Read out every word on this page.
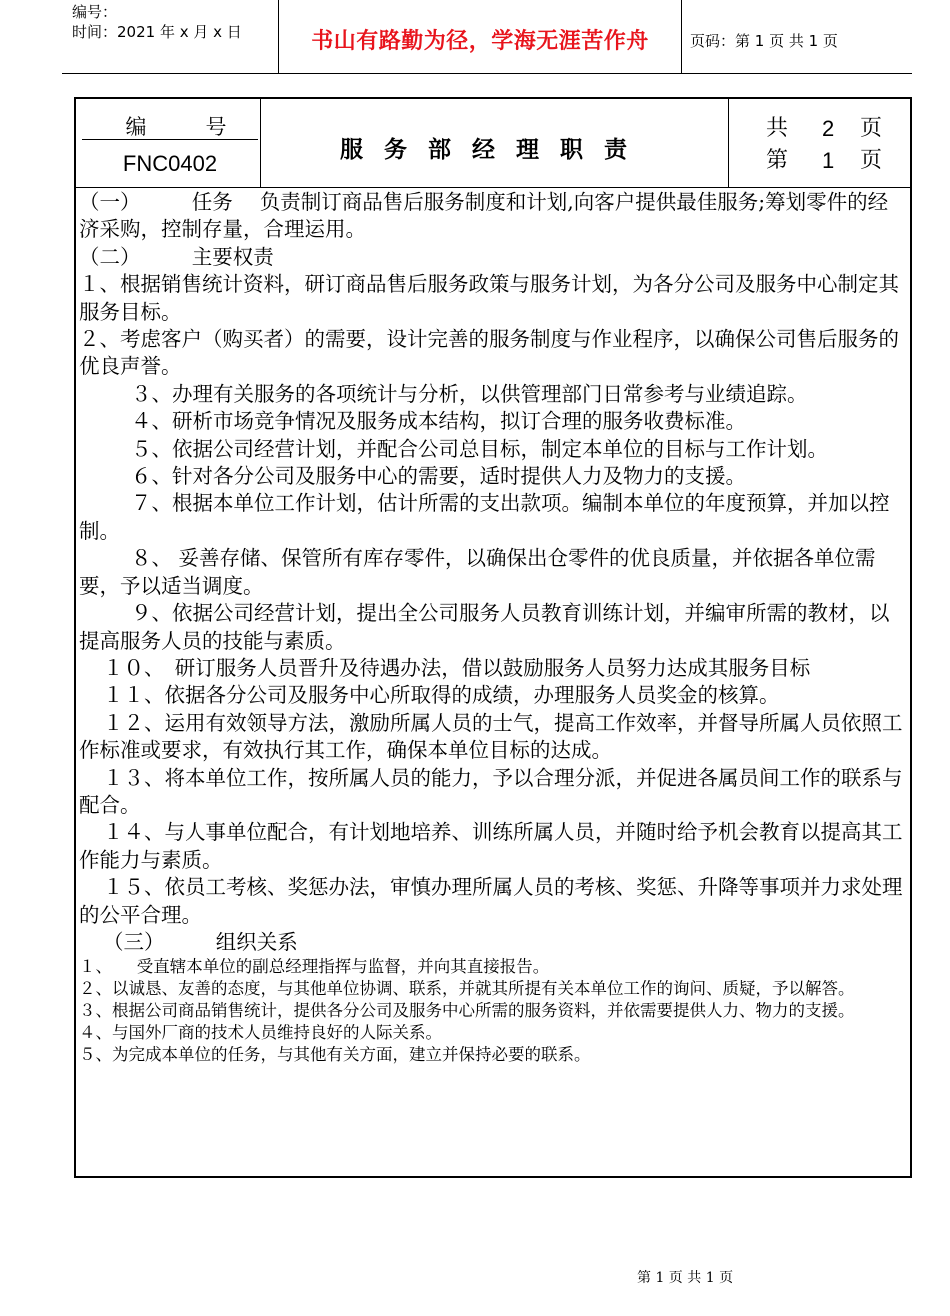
编号：
时间：2021 年 x 月 x 日	书山有路勤为径，学海无涯苦作舟	页码：第 1 页 共 1 页
编	号
FNC0402
服务部经理职责
共	2	页
第	1	页

（一）　　　任务　 负责制订商品售后服务制度和计划,向客户提供最佳服务;筹划零件的经济采购，控制存量，合理运用。

（二）　　　主要权责

１、根据销售统计资料，研订商品售后服务政策与服务计划，为各分公司及服务中心制定其服务目标。

２、考虑客户（购买者）的需要，设计完善的服务制度与作业程序，以确保公司售后服务的优良声誉。

３、办理有关服务的各项统计与分析，以供管理部门日常参考与业绩追踪。

４、研析市场竞争情况及服务成本结构，拟订合理的服务收费标准。

５、依据公司经营计划，并配合公司总目标，制定本单位的目标与工作计划。

６、针对各分公司及服务中心的需要，适时提供人力及物力的支援。

７、根据本单位工作计划，估计所需的支出款项。编制本单位的年度预算，并加以控制。

８、 妥善存储、保管所有库存零件，以确保出仓零件的优良质量，并依据各单位需要，予以适当调度。

９、依据公司经营计划，提出全公司服务人员教育训练计划，并编审所需的教材，以提高服务人员的技能与素质。

１０、　研订服务人员晋升及待遇办法，借以鼓励服务人员努力达成其服务目标

１１、依据各分公司及服务中心所取得的成绩，办理服务人员奖金的核算。

１２、运用有效领导方法，激励所属人员的士气，提高工作效率，并督导所属人员依照工作标准或要求，有效执行其工作，确保本单位目标的达成。

１３、将本单位工作，按所属人员的能力，予以合理分派，并促进各属员间工作的联系与配合。

１４、与人事单位配合，有计划地培养、训练所属人员，并随时给予机会教育以提高其工作能力与素质。

１５、依员工考核、奖惩办法，审慎办理所属人员的考核、奖惩、升降等事项并力求处理的公平合理。

（三）　　　组织关系

１、　　受直辖本单位的副总经理指挥与监督，并向其直接报告。

２、以诚恳、友善的态度，与其他单位协调、联系，并就其所提有关本单位工作的询问、质疑，予以解答。

３、根据公司商品销售统计，提供各分公司及服务中心所需的服务资料，并依需要提供人力、物力的支援。

４、与国外厂商的技术人员维持良好的人际关系。

５、为完成本单位的任务，与其他有关方面，建立并保持必要的联系。

第 1 页 共 1 页
